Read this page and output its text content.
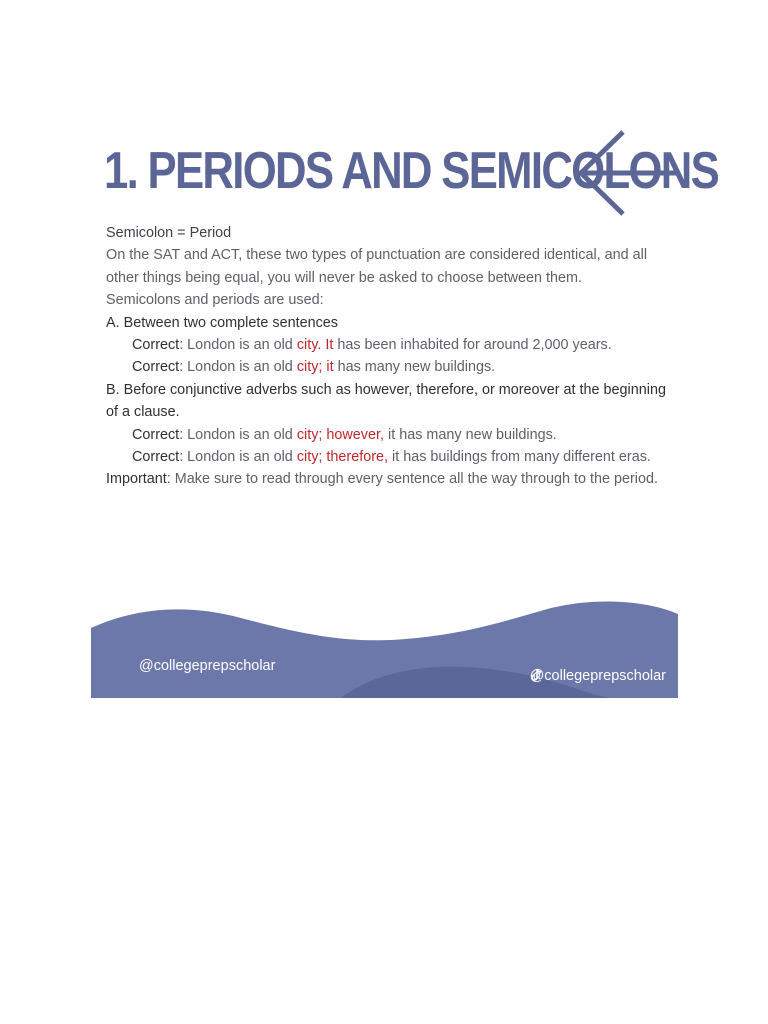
1. PERIODS AND SEMICOLONS

Semicolon = Period

On the SAT and ACT, these two types of punctuation are considered identical, and all other things being equal, you will never be asked to choose between them.

Semicolons and periods are used:

A. Between two complete sentences

Correct: London is an old city. It has been inhabited for around 2,000 years.

Correct: London is an old city; it has many new buildings.

B. Before conjunctive adverbs such as however, therefore, or moreover at the beginning of a clause.

Correct: London is an old city; however, it has many new buildings.

Correct: London is an old city; therefore, it has buildings from many different eras.

Important: Make sure to read through every sentence all the way through to the period.

@collegeprepscholar
@collegeprepscholar
